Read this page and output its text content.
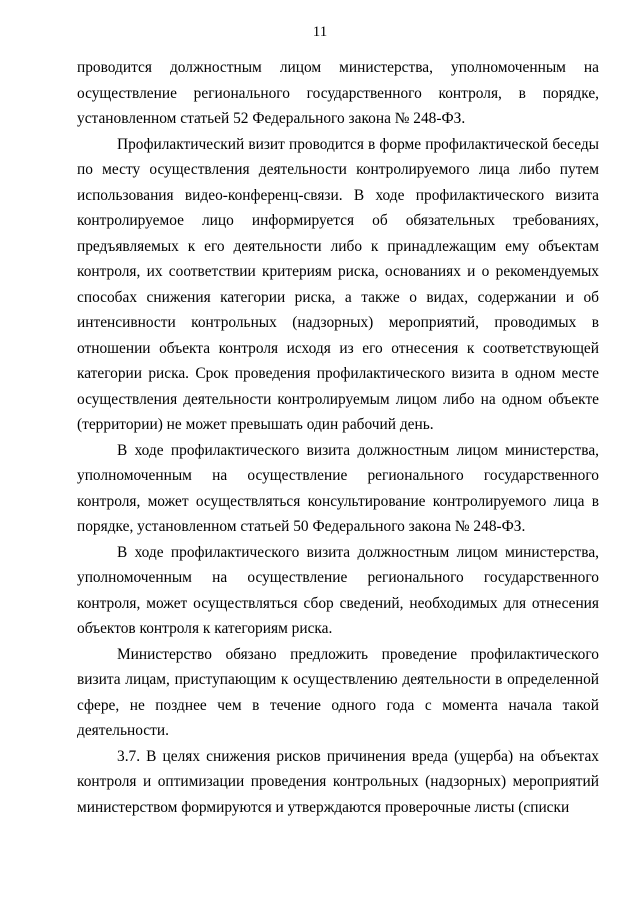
11

проводится должностным лицом министерства, уполномоченным на осуществление регионального государственного контроля, в порядке, установленном статьей 52 Федерального закона № 248-ФЗ.

Профилактический визит проводится в форме профилактической беседы по месту осуществления деятельности контролируемого лица либо путем использования видео-конференц-связи. В ходе профилактического визита контролируемое лицо информируется об обязательных требованиях, предъявляемых к его деятельности либо к принадлежащим ему объектам контроля, их соответствии критериям риска, основаниях и о рекомендуемых способах снижения категории риска, а также о видах, содержании и об интенсивности контрольных (надзорных) мероприятий, проводимых в отношении объекта контроля исходя из его отнесения к соответствующей категории риска. Срок проведения профилактического визита в одном месте осуществления деятельности контролируемым лицом либо на одном объекте (территории) не может превышать один рабочий день.

В ходе профилактического визита должностным лицом министерства, уполномоченным на осуществление регионального государственного контроля, может осуществляться консультирование контролируемого лица в порядке, установленном статьей 50 Федерального закона № 248-ФЗ.

В ходе профилактического визита должностным лицом министерства, уполномоченным на осуществление регионального государственного контроля, может осуществляться сбор сведений, необходимых для отнесения объектов контроля к категориям риска.

Министерство обязано предложить проведение профилактического визита лицам, приступающим к осуществлению деятельности в определенной сфере, не позднее чем в течение одного года с момента начала такой деятельности.

3.7. В целях снижения рисков причинения вреда (ущерба) на объектах контроля и оптимизации проведения контрольных (надзорных) мероприятий министерством формируются и утверждаются проверочные листы (списки
